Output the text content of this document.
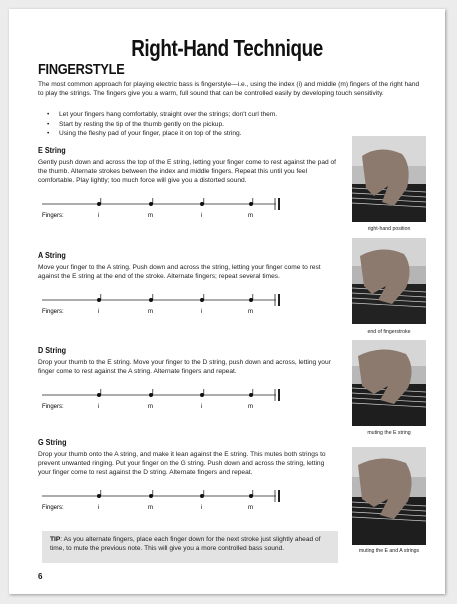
Right-Hand Technique
FINGERSTYLE
The most common approach for playing electric bass is fingerstyle—i.e., using the index (i) and middle (m) fingers of the right hand to play the strings. The fingers give you a warm, full sound that can be controlled easily by developing touch sensitivity.
• Let your fingers hang comfortably, straight over the strings; don't curl them.
• Start by resting the tip of the thumb gently on the pickup.
• Using the fleshy pad of your finger, place it on top of the string.
E String
Gently push down and across the top of the E string, letting your finger come to rest against the pad of the thumb. Alternate strokes between the index and middle fingers. Repeat this until you feel comfortable. Play lightly; too much force will give you a distorted sound.
Fingers:	i	m	i	m
A String
Move your finger to the A string. Push down and across the string, letting your finger come to rest against the E string at the end of the stroke. Alternate fingers; repeat several times.
Fingers:	i	m	i	m
D String
Drop your thumb to the E string. Move your finger to the D string, push down and across, letting your finger come to rest against the A string. Alternate fingers and repeat.
Fingers:	i	m	i	m
G String
Drop your thumb onto the A string, and make it lean against the E string. This mutes both strings to prevent unwanted ringing. Put your finger on the G string. Push down and across the string, letting your finger come to rest against the D string. Alternate fingers and repeat.
Fingers:	i	m	i	m
right-hand position
end of fingerstroke
muting the E string
muting the E and A strings
TIP: As you alternate fingers, place each finger down for the next stroke just slightly ahead of time, to mute the previous note. This will give you a more controlled bass sound.
6
